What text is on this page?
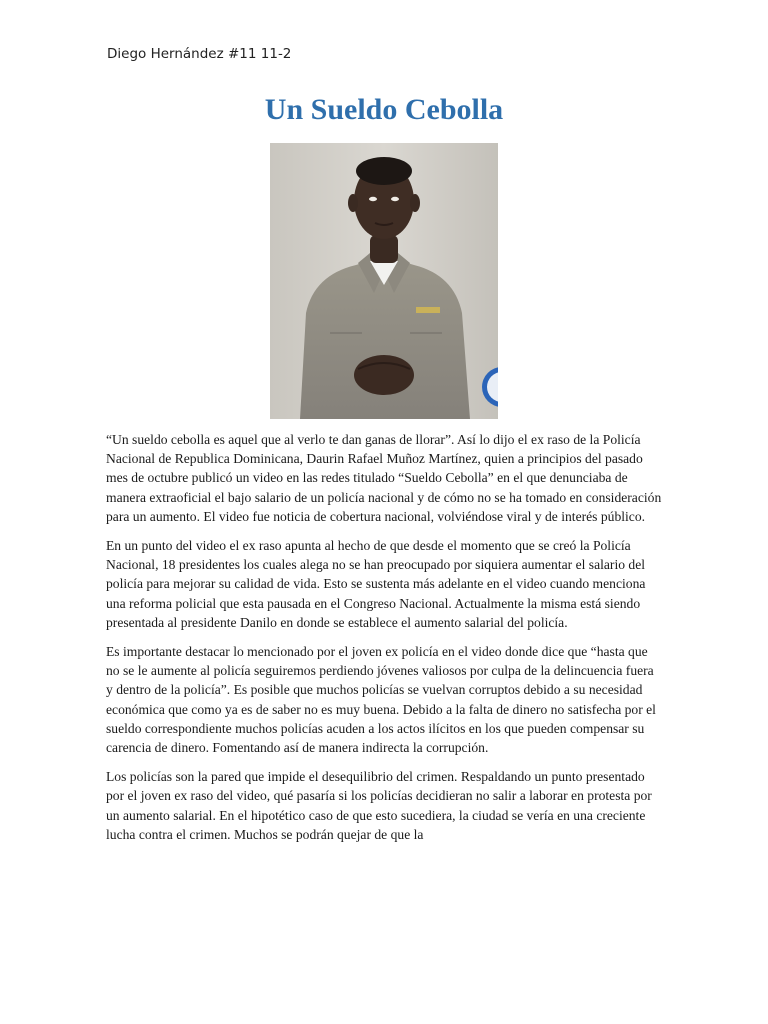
Diego Hernández #11 11-2
Un Sueldo Cebolla

“Un sueldo cebolla es aquel que al verlo te dan ganas de llorar”. Así lo dijo el ex raso de la Policía Nacional de Republica Dominicana, Daurin Rafael Muñoz Martínez, quien a principios del pasado mes de octubre publicó un video en las redes titulado “Sueldo Cebolla” en el que denunciaba de manera extraoficial el bajo salario de un policía nacional y de cómo no se ha tomado en consideración para un aumento. El video fue noticia de cobertura nacional, volviéndose viral y de interés público.

En un punto del video el ex raso apunta al hecho de que desde el momento que se creó la Policía Nacional, 18 presidentes los cuales alega no se han preocupado por siquiera aumentar el salario del policía para mejorar su calidad de vida. Esto se sustenta más adelante en el video cuando menciona una reforma policial que esta pausada en el Congreso Nacional. Actualmente la misma está siendo presentada al presidente Danilo en donde se establece el aumento salarial del policía.

Es importante destacar lo mencionado por el joven ex policía en el video donde dice que “hasta que no se le aumente al policía seguiremos perdiendo jóvenes valiosos por culpa de la delincuencia fuera y dentro de la policía”. Es posible que muchos policías se vuelvan corruptos debido a su necesidad económica que como ya es de saber no es muy buena. Debido a la falta de dinero no satisfecha por el sueldo correspondiente muchos policías acuden a los actos ilícitos en los que pueden compensar su carencia de dinero. Fomentando así de manera indirecta la corrupción.

Los policías son la pared que impide el desequilibrio del crimen. Respaldando un punto presentado por el joven ex raso del video, qué pasaría si los policías decidieran no salir a laborar en protesta por un aumento salarial. En el hipotético caso de que esto sucediera, la ciudad se vería en una creciente lucha contra el crimen. Muchos se podrán quejar de que la
